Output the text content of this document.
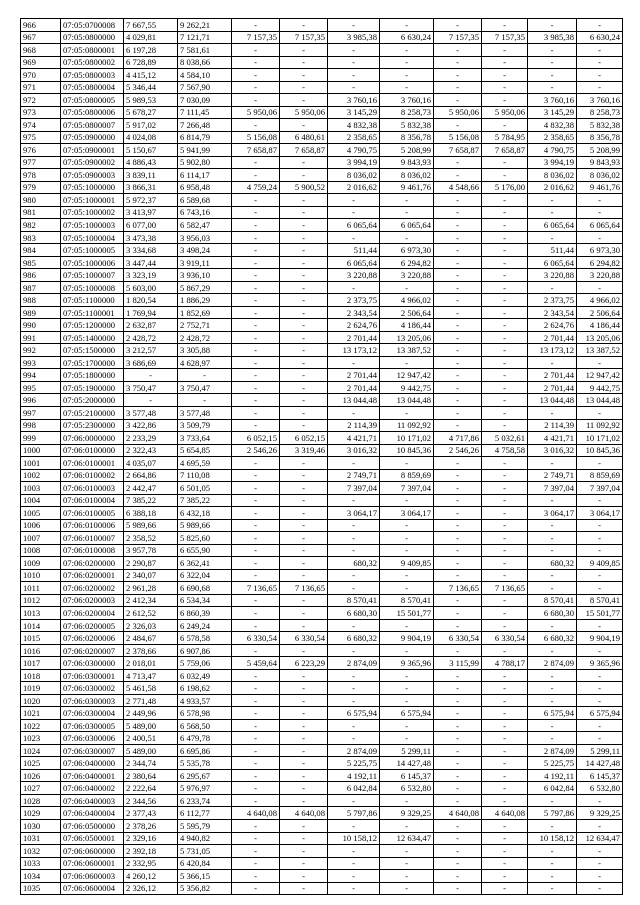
966	07:05:0700008	7 667,55	9 262,21	-	-	-	-	-	-	-	-
967	07:05:0800000	4 029,81	7 121,71	7 157,35	7 157,35	3 985,38	6 630,24	7 157,35	7 157,35	3 985,38	6 630,24
968	07:05:0800001	6 197,28	7 581,61	-	-	-	-	-	-	-	-
969	07:05:0800002	6 728,89	8 038,66	-	-	-	-	-	-	-	-
970	07:05:0800003	4 415,12	4 584,10	-	-	-	-	-	-	-	-
971	07:05:0800004	5 346,44	7 567,90	-	-	-	-	-	-	-	-
972	07:05:0800005	5 989,53	7 030,09	-	-	3 760,16	3 760,16	-	-	3 760,16	3 760,16
973	07:05:0800006	5 678,27	7 111,45	5 950,06	5 950,06	3 145,29	8 258,73	5 950,06	5 950,06	3 145,29	8 258,73
974	07:05:0800007	5 917,02	7 266,48	-	-	4 832,38	5 832,38	-	-	4 832,38	5 832,38
975	07:05:0900000	4 024,08	6 814,79	5 156,08	6 480,61	2 358,65	8 356,78	5 156,08	5 784,95	2 358,65	8 356,78
976	07:05:0900001	5 150,67	5 941,99	7 658,87	7 658,87	4 790,75	5 208,99	7 658,87	7 658,87	4 790,75	5 208,99
977	07:05:0900002	4 886,43	5 902,80	-	-	3 994,19	9 843,93	-	-	3 994,19	9 843,93
978	07:05:0900003	3 839,11	6 114,17	-	-	8 036,02	8 036,02	-	-	8 036,02	8 036,02
979	07:05:1000000	3 866,31	6 958,48	4 759,24	5 900,52	2 016,62	9 461,76	4 548,66	5 176,00	2 016,62	9 461,76
980	07:05:1000001	5 972,37	6 589,68	-	-	-	-	-	-	-	-
981	07:05:1000002	3 413,97	6 743,16	-	-	-	-	-	-	-	-
982	07:05:1000003	6 077,00	6 582,47	-	-	6 065,64	6 065,64	-	-	6 065,64	6 065,64
983	07:05:1000004	3 473,38	3 956,03	-	-	-	-	-	-	-	-
984	07:05:1000005	3 334,68	3 498,24	-	-	511,44	6 973,30	-	-	511,44	6 973,30
985	07:05:1000006	3 447,44	3 919,11	-	-	6 065,64	6 294,82	-	-	6 065,64	6 294,82
986	07:05:1000007	3 323,19	3 936,10	-	-	3 220,88	3 220,88	-	-	3 220,88	3 220,88
987	07:05:1000008	5 603,00	5 867,29	-	-	-	-	-	-	-	-
988	07:05:1100000	1 820,54	1 886,29	-	-	2 373,75	4 966,02	-	-	2 373,75	4 966,02
989	07:05:1100001	1 769,94	1 852,69	-	-	2 343,54	2 506,64	-	-	2 343,54	2 506,64
990	07:05:1200000	2 632,87	2 752,71	-	-	2 624,76	4 186,44	-	-	2 624,76	4 186,44
991	07:05:1400000	2 428,72	2 428,72	-	-	2 701,44	13 205,06	-	-	2 701,44	13 205,06
992	07:05:1500000	3 212,57	3 305,88	-	-	13 173,12	13 387,52	-	-	13 173,12	13 387,52
993	07:05:1700000	3 686,69	4 628,97	-	-	-	-	-	-	-	-
994	07:05:1800000	-	-	-	-	2 701,44	12 947,42	-	-	2 701,44	12 947,42
995	07:05:1900000	3 750,47	3 750,47	-	-	2 701,44	9 442,75	-	-	2 701,44	9 442,75
996	07:05:2000000	-	-	-	-	13 044,48	13 044,48	-	-	13 044,48	13 044,48
997	07:05:2100000	3 577,48	3 577,48	-	-	-	-	-	-	-	-
998	07:05:2300000	3 422,86	3 509,79	-	-	2 114,39	11 092,92	-	-	2 114,39	11 092,92
999	07:06:0000000	2 233,29	3 733,64	6 052,15	6 052,15	4 421,71	10 171,02	4 717,86	5 032,61	4 421,71	10 171,02
1000	07:06:0100000	2 322,43	5 654,85	2 546,26	3 319,46	3 016,32	10 845,36	2 546,26	4 758,58	3 016,32	10 845,36
1001	07:06:0100001	4 035,07	4 695,59	-	-	-	-	-	-	-	-
1002	07:06:0100002	2 664,86	7 110,08	-	-	2 749,71	8 859,69	-	-	2 749,71	8 859,69
1003	07:06:0100003	2 442,47	6 501,05	-	-	7 397,04	7 397,04	-	-	7 397,04	7 397,04
1004	07:06:0100004	7 385,22	7 385,22	-	-	-	-	-	-	-	-
1005	07:06:0100005	6 388,18	6 432,18	-	-	3 064,17	3 064,17	-	-	3 064,17	3 064,17
1006	07:06:0100006	5 989,66	5 989,66	-	-	-	-	-	-	-	-
1007	07:06:0100007	2 358,52	5 825,60	-	-	-	-	-	-	-	-
1008	07:06:0100008	3 957,78	6 655,90	-	-	-	-	-	-	-	-
1009	07:06:0200000	2 290,87	6 362,41	-	-	680,32	9 409,85	-	-	680,32	9 409,85
1010	07:06:0200001	2 340,07	6 322,04	-	-	-	-	-	-	-	-
1011	07:06:0200002	2 961,28	6 690,68	7 136,65	7 136,65	-	-	7 136,65	7 136,65	-	-
1012	07:06:0200003	2 412,34	6 534,34	-	-	8 570,41	8 570,41	-	-	8 570,41	8 570,41
1013	07:06:0200004	2 612,52	6 860,39	-	-	6 680,30	15 501,77	-	-	6 680,30	15 501,77
1014	07:06:0200005	2 326,03	6 249,24	-	-	-	-	-	-	-	-
1015	07:06:0200006	2 484,67	6 578,58	6 330,54	6 330,54	6 680,32	9 904,19	6 330,54	6 330,54	6 680,32	9 904,19
1016	07:06:0200007	2 378,66	6 907,86	-	-	-	-	-	-	-	-
1017	07:06:0300000	2 018,01	5 759,06	5 459,64	6 223,29	2 874,09	9 365,96	3 115,99	4 788,17	2 874,09	9 365,96
1018	07:06:0300001	4 713,47	6 032,49	-	-	-	-	-	-	-	-
1019	07:06:0300002	5 461,58	6 198,62	-	-	-	-	-	-	-	-
1020	07:06:0300003	2 771,48	4 933,57	-	-	-	-	-	-	-	-
1021	07:06:0300004	2 449,96	6 578,98	-	-	6 575,94	6 575,94	-	-	6 575,94	6 575,94
1022	07:06:0300005	5 489,00	6 568,50	-	-	-	-	-	-	-	-
1023	07:06:0300006	2 400,51	6 479,78	-	-	-	-	-	-	-	-
1024	07:06:0300007	5 489,00	6 695,86	-	-	2 874,09	5 299,11	-	-	2 874,09	5 299,11
1025	07:06:0400000	2 344,74	5 535,78	-	-	5 225,75	14 427,48	-	-	5 225,75	14 427,48
1026	07:06:0400001	2 380,64	6 295,67	-	-	4 192,11	6 145,37	-	-	4 192,11	6 145,37
1027	07:06:0400002	2 222,64	5 976,97	-	-	6 042,84	6 532,80	-	-	6 042,84	6 532,80
1028	07:06:0400003	2 344,56	6 233,74	-	-	-	-	-	-	-	-
1029	07:06:0400004	2 377,43	6 112,77	4 640,08	4 640,08	5 797,86	9 329,25	4 640,08	4 640,08	5 797,86	9 329,25
1030	07:06:0500000	2 378,26	5 595,79	-	-	-	-	-	-	-	-
1031	07:06:0500001	2 329,16	4 940,82	-	-	10 158,12	12 634,47	-	-	10 158,12	12 634,47
1032	07:06:0600000	2 392,18	5 731,05	-	-	-	-	-	-	-	-
1033	07:06:0600001	2 332,95	6 420,84	-	-	-	-	-	-	-	-
1034	07:06:0600003	4 260,12	5 366,15	-	-	-	-	-	-	-	-
1035	07:06:0600004	2 326,12	5 356,82	-	-	-	-	-	-	-	-
